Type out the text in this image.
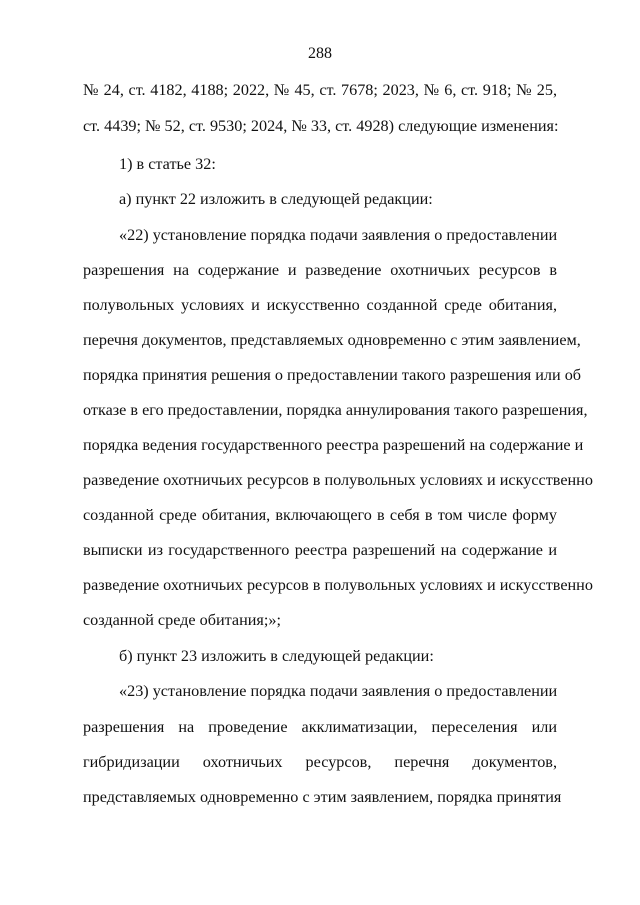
288
№ 24, ст. 4182, 4188; 2022, № 45, ст. 7678; 2023, № 6, ст. 918; № 25,
ст. 4439; № 52, ст. 9530; 2024, № 33, ст. 4928) следующие изменения:
1) в статье 32:
а) пункт 22 изложить в следующей редакции:
«22) установление порядка подачи заявления о предоставлении
разрешения на содержание и разведение охотничьих ресурсов в
полувольных условиях и искусственно созданной среде обитания,
перечня документов, представляемых одновременно с этим заявлением,
порядка принятия решения о предоставлении такого разрешения или об
отказе в его предоставлении, порядка аннулирования такого разрешения,
порядка ведения государственного реестра разрешений на содержание и
разведение охотничьих ресурсов в полувольных условиях и искусственно
созданной среде обитания, включающего в себя в том числе форму
выписки из государственного реестра разрешений на содержание и
разведение охотничьих ресурсов в полувольных условиях и искусственно
созданной среде обитания;»;
б) пункт 23 изложить в следующей редакции:
«23) установление порядка подачи заявления о предоставлении
разрешения на проведение акклиматизации, переселения или
гибридизации охотничьих ресурсов, перечня документов,
представляемых одновременно с этим заявлением, порядка принятия
